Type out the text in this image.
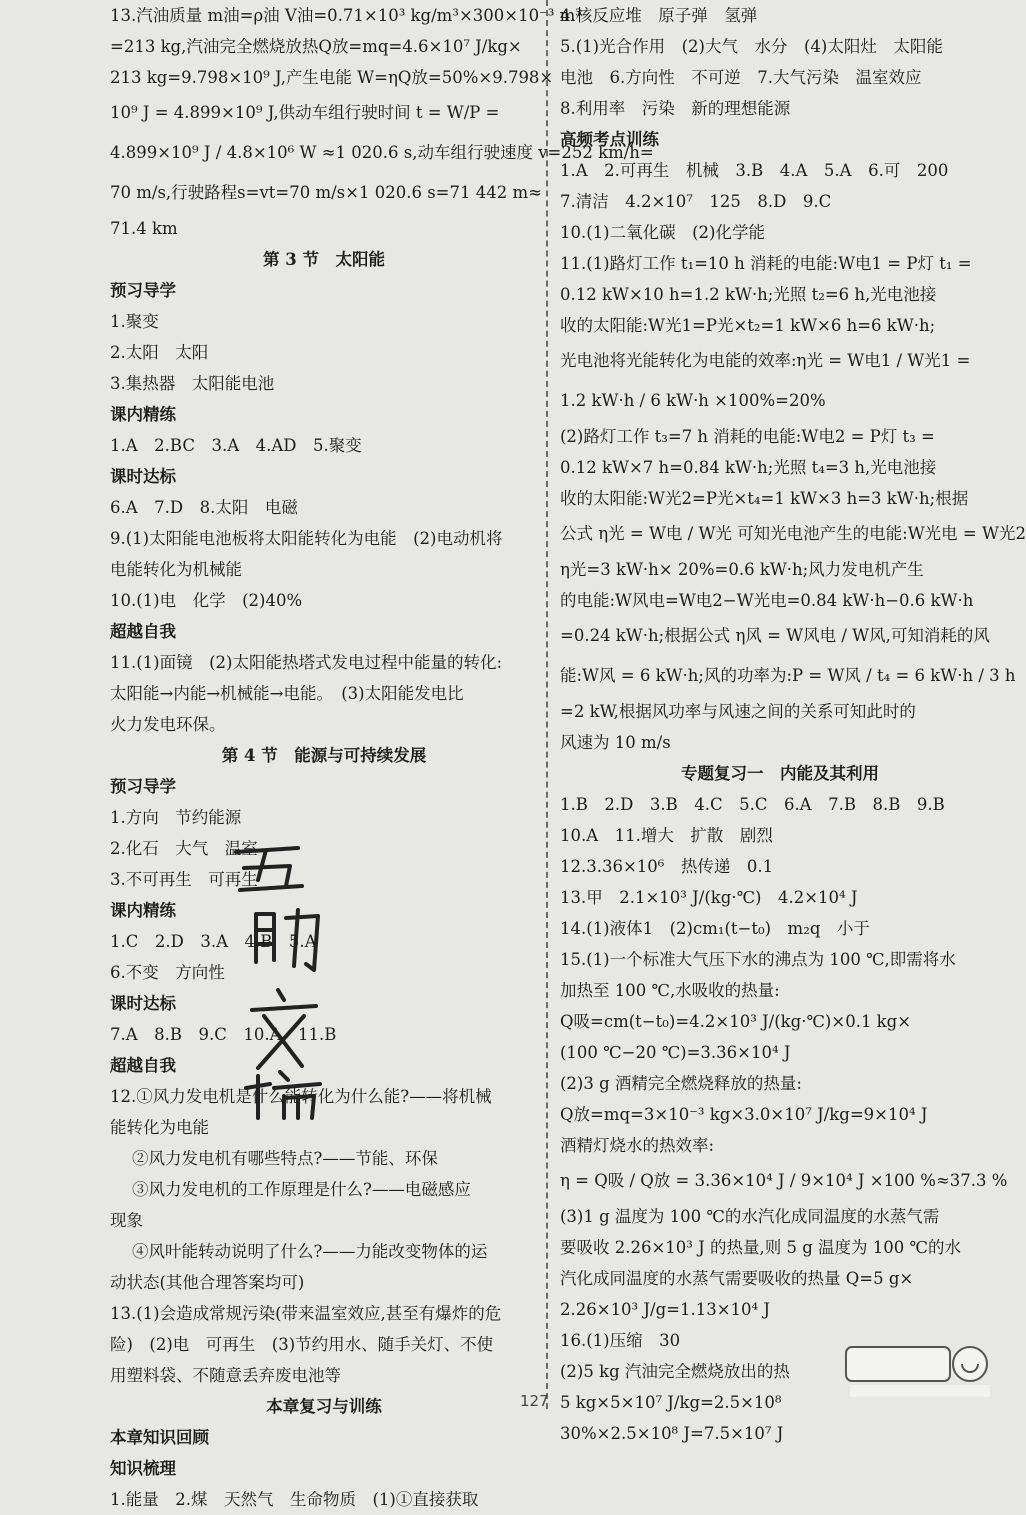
13.汽油质量 m油=ρ油 V油=0.71×10³ kg/m³×300×10⁻³ m³
=213 kg,汽油完全燃烧放热Q放=mq=4.6×10⁷ J/kg×
213 kg=9.798×10⁹ J,产生电能 W=ηQ放=50%×9.798×
10⁹ J = 4.899×10⁹ J,供动车组行驶时间 t = W/P =
4.899×10⁹ J / 4.8×10⁶ W ≈1 020.6 s,动车组行驶速度 v=252 km/h=
70 m/s,行驶路程s=vt=70 m/s×1 020.6 s=71 442 m≈
71.4 km
第 3 节　太阳能
预习导学
1.聚变
2.太阳　太阳
3.集热器　太阳能电池
课内精练
1.A　2.BC　3.A　4.AD　5.聚变
课时达标
6.A　7.D　8.太阳　电磁
9.(1)太阳能电池板将太阳能转化为电能　(2)电动机将
电能转化为机械能
10.(1)电　化学　(2)40%
超越自我
11.(1)面镜　(2)太阳能热塔式发电过程中能量的转化:
太阳能→内能→机械能→电能。　(3)太阳能发电比
火力发电环保。
第 4 节　能源与可持续发展
预习导学
1.方向　节约能源
2.化石　大气　温室
3.不可再生　可再生
课内精练
1.C　2.D　3.A　4.B　5.A
6.不变　方向性
课时达标
7.A　8.B　9.C　10.A　11.B
超越自我
12.①风力发电机是什么能转化为什么能?——将机械
能转化为电能
②风力发电机有哪些特点?——节能、环保
③风力发电机的工作原理是什么?——电磁感应
现象
④风叶能转动说明了什么?——力能改变物体的运
动状态(其他合理答案均可)
13.(1)会造成常规污染(带来温室效应,甚至有爆炸的危
险)　(2)电　可再生　(3)节约用水、随手关灯、不使
用塑料袋、不随意丢弃废电池等
本章复习与训练
本章知识回顾
知识梳理
1.能量　2.煤　天然气　生命物质　(1)①直接获取
4.核反应堆　原子弹　氢弹
5.(1)光合作用　(2)大气　水分　(4)太阳灶　太阳能
电池　6.方向性　不可逆　7.大气污染　温室效应
8.利用率　污染　新的理想能源
高频考点训练
1.A　2.可再生　机械　3.B　4.A　5.A　6.可　200
7.清洁　4.2×10⁷　125　8.D　9.C
10.(1)二氧化碳　(2)化学能
11.(1)路灯工作 t₁=10 h 消耗的电能:W电1 = P灯 t₁ =
0.12 kW×10 h=1.2 kW·h;光照 t₂=6 h,光电池接
收的太阳能:W光1=P光×t₂=1 kW×6 h=6 kW·h;
光电池将光能转化为电能的效率:η光 = W电1 / W光1 =
1.2 kW·h / 6 kW·h ×100%=20%
(2)路灯工作 t₃=7 h 消耗的电能:W电2 = P灯 t₃ =
0.12 kW×7 h=0.84 kW·h;光照 t₄=3 h,光电池接
收的太阳能:W光2=P光×t₄=1 kW×3 h=3 kW·h;根据
公式 η光 = W电 / W光 可知光电池产生的电能:W光电 = W光2
η光=3 kW·h× 20%=0.6 kW·h;风力发电机产生
的电能:W风电=W电2−W光电=0.84 kW·h−0.6 kW·h
=0.24 kW·h;根据公式 η风 = W风电 / W风,可知消耗的风
能:W风 = 6 kW·h;风的功率为:P = W风 / t₄ = 6 kW·h / 3 h
=2 kW,根据风功率与风速之间的关系可知此时的
风速为 10 m/s
专题复习一　内能及其利用
1.B　2.D　3.B　4.C　5.C　6.A　7.B　8.B　9.B
10.A　11.增大　扩散　剧烈
12.3.36×10⁶　热传递　0.1
13.甲　2.1×10³ J/(kg·℃)　4.2×10⁴ J
14.(1)液体1　(2)cm₁(t−t₀)　m₂q　小于
15.(1)一个标准大气压下水的沸点为 100 ℃,即需将水
加热至 100 ℃,水吸收的热量:
Q吸=cm(t−t₀)=4.2×10³ J/(kg·℃)×0.1 kg×
(100 ℃−20 ℃)=3.36×10⁴ J
(2)3 g 酒精完全燃烧释放的热量:
Q放=mq=3×10⁻³ kg×3.0×10⁷ J/kg=9×10⁴ J
酒精灯烧水的热效率:
η = Q吸 / Q放 = 3.36×10⁴ J / 9×10⁴ J ×100 %≈37.3 %
(3)1 g 温度为 100 ℃的水汽化成同温度的水蒸气需
要吸收 2.26×10³ J 的热量,则 5 g 温度为 100 ℃的水
汽化成同温度的水蒸气需要吸收的热量 Q=5 g×
2.26×10³ J/g=1.13×10⁴ J
16.(1)压缩　30
(2)5 kg 汽油完全燃烧放出的热
5 kg×5×10⁷ J/kg=2.5×10⁸
30%×2.5×10⁸ J=7.5×10⁷ J
127
